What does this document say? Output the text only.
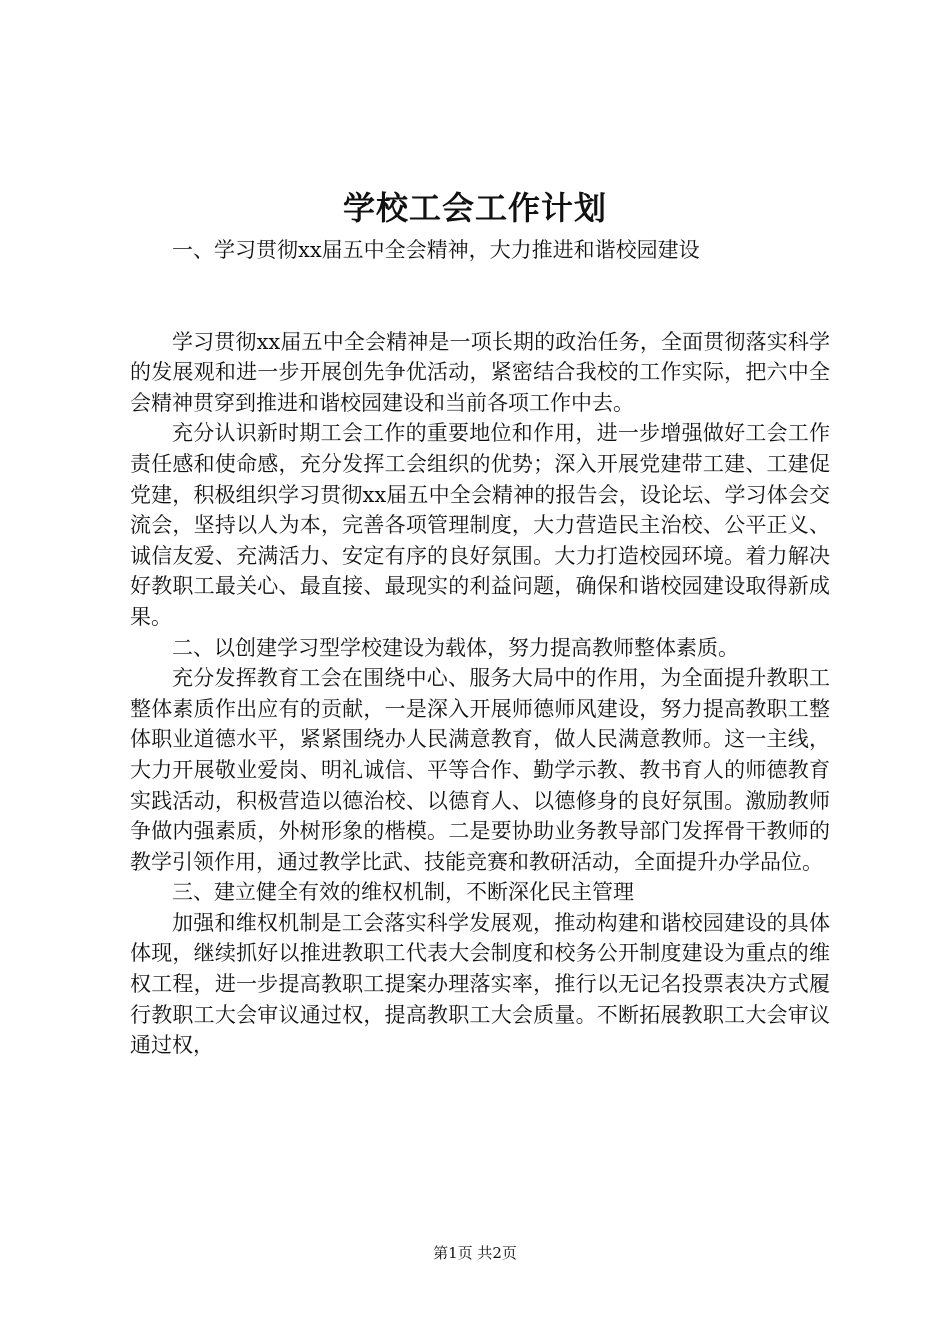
学校工会工作计划

一、学习贯彻xx届五中全会精神，大力推进和谐校园建设

学习贯彻xx届五中全会精神是一项长期的政治任务，全面贯彻落实科学的发展观和进一步开展创先争优活动，紧密结合我校的工作实际，把六中全会精神贯穿到推进和谐校园建设和当前各项工作中去。

充分认识新时期工会工作的重要地位和作用，进一步增强做好工会工作责任感和使命感，充分发挥工会组织的优势；深入开展党建带工建、工建促党建，积极组织学习贯彻xx届五中全会精神的报告会，设论坛、学习体会交流会，坚持以人为本，完善各项管理制度，大力营造民主治校、公平正义、诚信友爱、充满活力、安定有序的良好氛围。大力打造校园环境。着力解决好教职工最关心、最直接、最现实的利益问题，确保和谐校园建设取得新成果。

二、以创建学习型学校建设为载体，努力提高教师整体素质。

充分发挥教育工会在围绕中心、服务大局中的作用，为全面提升教职工整体素质作出应有的贡献，一是深入开展师德师风建设，努力提高教职工整体职业道德水平，紧紧围绕办人民满意教育，做人民满意教师。这一主线，大力开展敬业爱岗、明礼诚信、平等合作、勤学示教、教书育人的师德教育实践活动，积极营造以德治校、以德育人、以德修身的良好氛围。激励教师争做内强素质，外树形象的楷模。二是要协助业务教导部门发挥骨干教师的教学引领作用，通过教学比武、技能竞赛和教研活动，全面提升办学品位。

三、建立健全有效的维权机制，不断深化民主管理

加强和维权机制是工会落实科学发展观，推动构建和谐校园建设的具体体现，继续抓好以推进教职工代表大会制度和校务公开制度建设为重点的维权工程，进一步提高教职工提案办理落实率，推行以无记名投票表决方式履行教职工大会审议通过权，提高教职工大会质量。不断拓展教职工大会审议通过权，

第1页 共2页
